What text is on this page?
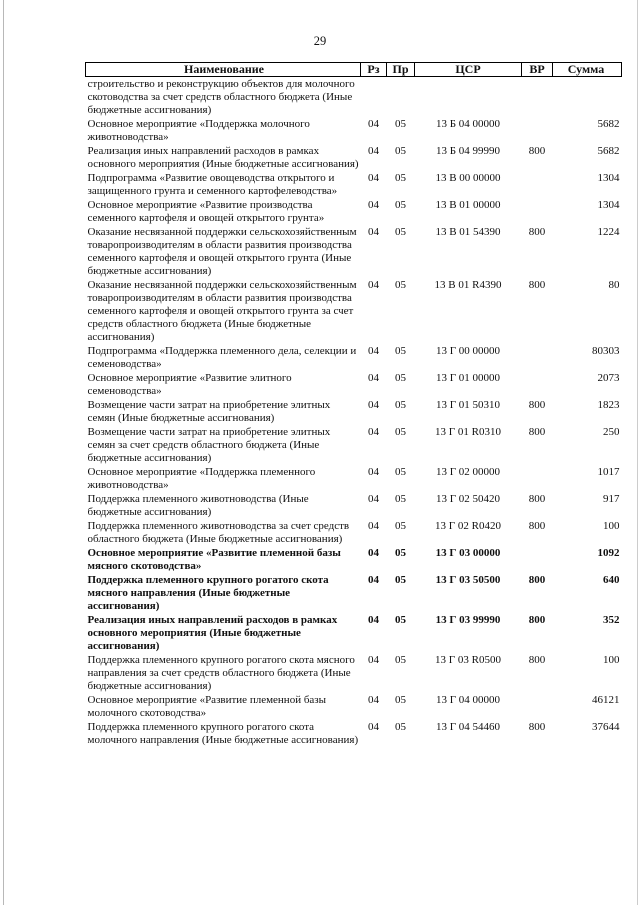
29
Наименование	Рз	Пр	ЦСР	ВР	Сумма
строительство и реконструкцию объектов для молочного скотоводства за счет средств областного бюджета (Иные бюджетные ассигнования)					
Основное мероприятие «Поддержка молочного животноводства»	04	05	13 Б 04 00000		5682
Реализация иных направлений расходов в рамках основного мероприятия (Иные бюджетные ассигнования)	04	05	13 Б 04 99990	800	5682
Подпрограмма «Развитие овощеводства открытого и защищенного грунта и семенного картофелеводства»	04	05	13 В 00 00000		1304
Основное мероприятие «Развитие производства семенного картофеля и овощей открытого грунта»	04	05	13 В 01 00000		1304
Оказание несвязанной поддержки сельскохозяйственным товаропроизводителям в области развития производства семенного картофеля и овощей открытого грунта (Иные бюджетные ассигнования)	04	05	13 В 01 54390	800	1224
Оказание несвязанной поддержки сельскохозяйственным товаропроизводителям в области развития производства семенного картофеля и овощей открытого грунта за счет средств областного бюджета (Иные бюджетные ассигнования)	04	05	13 В 01 R4390	800	80
Подпрограмма «Поддержка племенного дела, селекции и семеноводства»	04	05	13 Г 00 00000		80303
Основное мероприятие «Развитие элитного семеноводства»	04	05	13 Г 01 00000		2073
Возмещение части затрат на приобретение элитных семян (Иные бюджетные ассигнования)	04	05	13 Г 01 50310	800	1823
Возмещение части затрат на приобретение элитных семян за счет средств областного бюджета (Иные бюджетные ассигнования)	04	05	13 Г 01 R0310	800	250
Основное мероприятие «Поддержка племенного животноводства»	04	05	13 Г 02 00000		1017
Поддержка племенного животноводства (Иные бюджетные ассигнования)	04	05	13 Г 02 50420	800	917
Поддержка племенного животноводства за счет средств областного бюджета (Иные бюджетные ассигнования)	04	05	13 Г 02 R0420	800	100
Основное мероприятие «Развитие племенной базы мясного скотоводства»	04	05	13 Г 03 00000		1092
Поддержка племенного крупного рогатого скота мясного направления (Иные бюджетные ассигнования)	04	05	13 Г 03 50500	800	640
Реализация иных направлений расходов в рамках основного мероприятия (Иные бюджетные ассигнования)	04	05	13 Г 03 99990	800	352
Поддержка племенного крупного рогатого скота мясного направления за счет средств областного бюджета (Иные бюджетные ассигнования)	04	05	13 Г 03 R0500	800	100
Основное мероприятие «Развитие племенной базы молочного скотоводства»	04	05	13 Г 04 00000		46121
Поддержка племенного крупного рогатого скота молочного направления (Иные бюджетные ассигнования)	04	05	13 Г 04 54460	800	37644
